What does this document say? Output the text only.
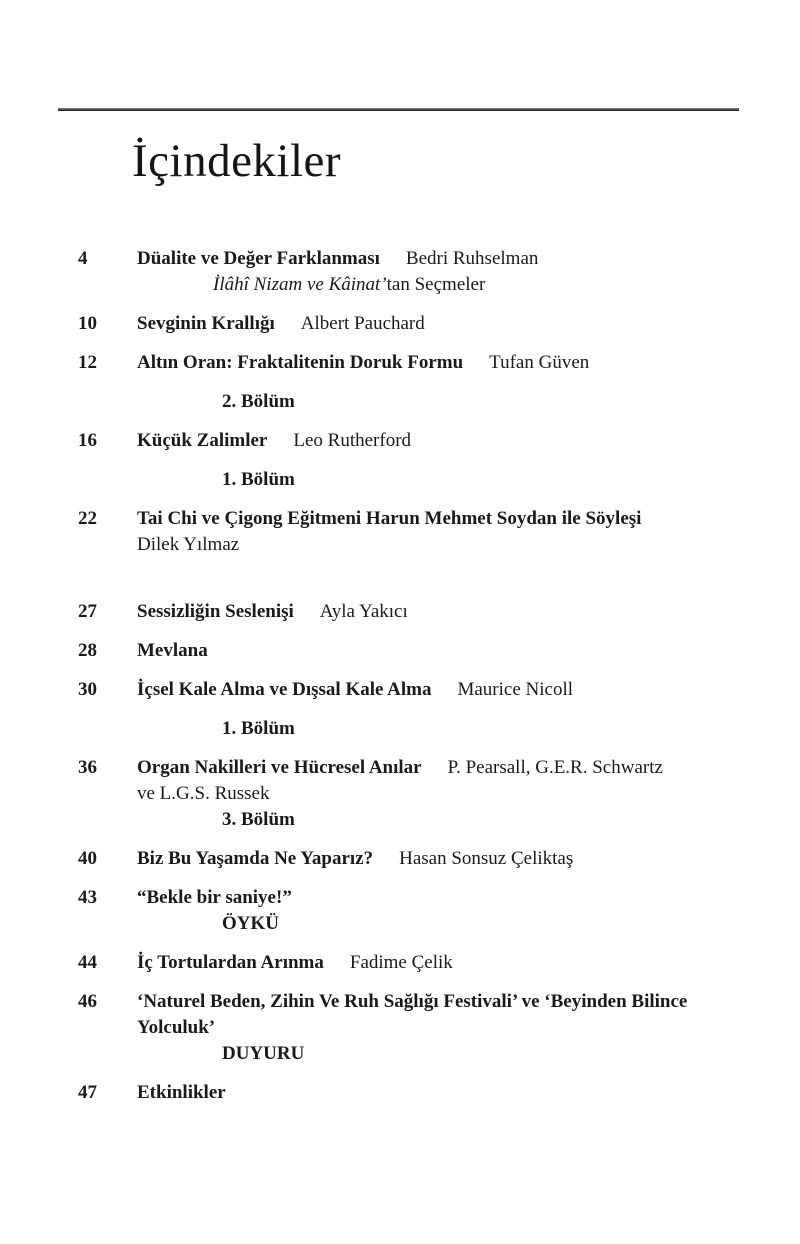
İçindekiler
4	Düalite ve Değer Farklanması Bedri Ruhselman
İlâhî Nizam ve Kâinat’tan Seçmeler
10	Sevginin Krallığı Albert Pauchard
12	Altın Oran: Fraktalitenin Doruk Formu Tufan Güven
2. Bölüm
16	Küçük Zalimler Leo Rutherford
1. Bölüm
22	Tai Chi ve Çigong Eğitmeni Harun Mehmet Soydan ile Söyleşi
Dilek Yılmaz
27	Sessizliğin Seslenişi Ayla Yakıcı
28	Mevlana
30	İçsel Kale Alma ve Dışsal Kale Alma Maurice Nicoll
1. Bölüm
36	Organ Nakilleri ve Hücresel Anılar P. Pearsall, G.E.R. Schwartz
ve L.G.S. Russek
3. Bölüm
40	Biz Bu Yaşamda Ne Yaparız? Hasan Sonsuz Çeliktaş
43	“Bekle bir saniye!”
ÖYKÜ
44	İç Tortulardan Arınma Fadime Çelik
46	‘Naturel Beden, Zihin Ve Ruh Sağlığı Festivali’ ve ‘Beyinden Bilince
Yolculuk’
DUYURU
47	Etkinlikler
